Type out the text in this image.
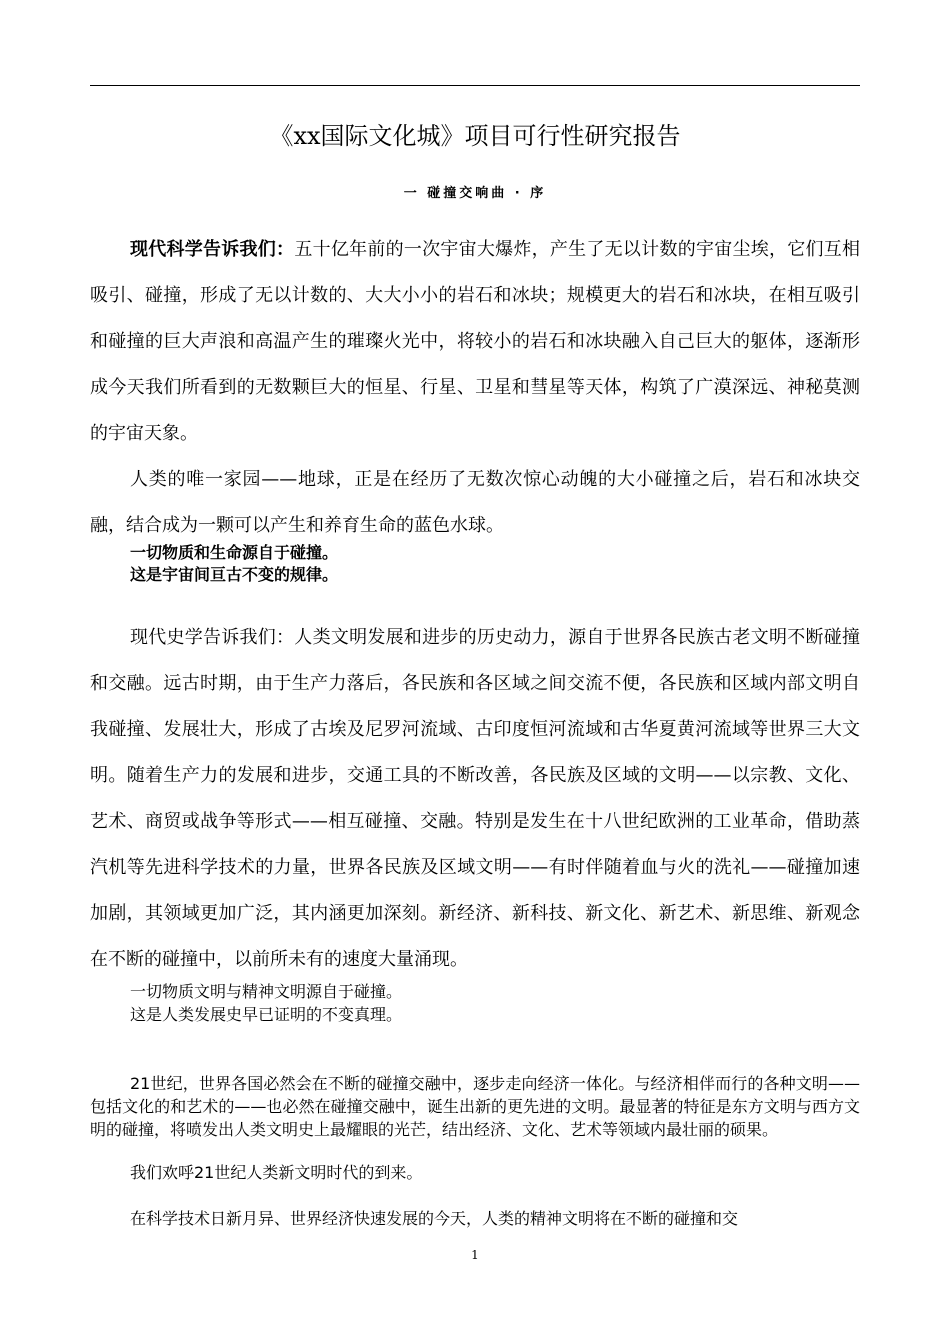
《xx国际文化城》项目可行性研究报告
一 碰撞交响曲 · 序

现代科学告诉我们：五十亿年前的一次宇宙大爆炸，产生了无以计数的宇宙尘埃，它们互相吸引、碰撞，形成了无以计数的、大大小小的岩石和冰块；规模更大的岩石和冰块，在相互吸引和碰撞的巨大声浪和高温产生的璀璨火光中，将较小的岩石和冰块融入自己巨大的躯体，逐渐形成今天我们所看到的无数颗巨大的恒星、行星、卫星和彗星等天体，构筑了广漠深远、神秘莫测的宇宙天象。

人类的唯一家园——地球，正是在经历了无数次惊心动魄的大小碰撞之后，岩石和冰块交融，结合成为一颗可以产生和养育生命的蓝色水球。

一切物质和生命源自于碰撞。

这是宇宙间亘古不变的规律。

现代史学告诉我们：人类文明发展和进步的历史动力，源自于世界各民族古老文明不断碰撞和交融。远古时期，由于生产力落后，各民族和各区域之间交流不便，各民族和区域内部文明自我碰撞、发展壮大，形成了古埃及尼罗河流域、古印度恒河流域和古华夏黄河流域等世界三大文明。随着生产力的发展和进步，交通工具的不断改善，各民族及区域的文明——以宗教、文化、艺术、商贸或战争等形式——相互碰撞、交融。特别是发生在十八世纪欧洲的工业革命，借助蒸汽机等先进科学技术的力量，世界各民族及区域文明——有时伴随着血与火的洗礼——碰撞加速加剧，其领域更加广泛，其内涵更加深刻。新经济、新科技、新文化、新艺术、新思维、新观念在不断的碰撞中，以前所未有的速度大量涌现。

一切物质文明与精神文明源自于碰撞。

这是人类发展史早已证明的不变真理。

21世纪，世界各国必然会在不断的碰撞交融中，逐步走向经济一体化。与经济相伴而行的各种文明——包括文化的和艺术的——也必然在碰撞交融中，诞生出新的更先进的文明。最显著的特征是东方文明与西方文明的碰撞，将喷发出人类文明史上最耀眼的光芒，结出经济、文化、艺术等领域内最壮丽的硕果。

我们欢呼21世纪人类新文明时代的到来。

在科学技术日新月异、世界经济快速发展的今天，人类的精神文明将在不断的碰撞和交

1
